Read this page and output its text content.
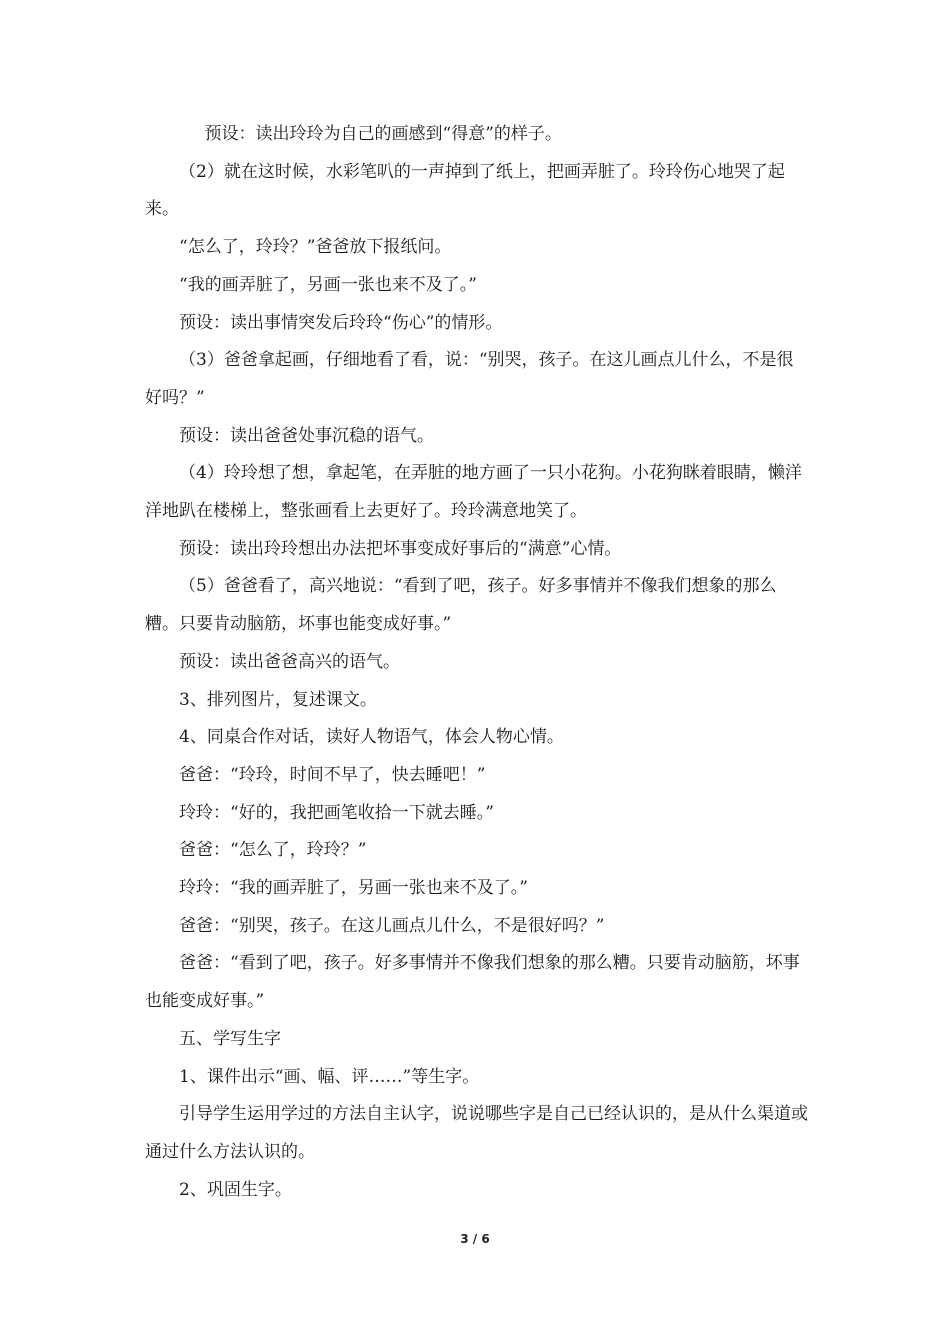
预设：读出玲玲为自己的画感到“得意”的样子。

（2）就在这时候，水彩笔叭的一声掉到了纸上，把画弄脏了。玲玲伤心地哭了起来。

“怎么了，玲玲？”爸爸放下报纸问。

“我的画弄脏了，另画一张也来不及了。”

预设：读出事情突发后玲玲“伤心”的情形。

（3）爸爸拿起画，仔细地看了看，说：“别哭，孩子。在这儿画点儿什么，不是很好吗？”

预设：读出爸爸处事沉稳的语气。

（4）玲玲想了想，拿起笔，在弄脏的地方画了一只小花狗。小花狗眯着眼睛，懒洋洋地趴在楼梯上，整张画看上去更好了。玲玲满意地笑了。

预设：读出玲玲想出办法把坏事变成好事后的“满意”心情。

（5）爸爸看了，高兴地说：“看到了吧，孩子。好多事情并不像我们想象的那么糟。只要肯动脑筋，坏事也能变成好事。”

预设：读出爸爸高兴的语气。

3、排列图片，复述课文。

4、同桌合作对话，读好人物语气，体会人物心情。

爸爸：“玲玲，时间不早了，快去睡吧！”

玲玲：“好的，我把画笔收拾一下就去睡。”

爸爸：“怎么了，玲玲？”

玲玲：“我的画弄脏了，另画一张也来不及了。”

爸爸：“别哭，孩子。在这儿画点儿什么，不是很好吗？”

爸爸：“看到了吧，孩子。好多事情并不像我们想象的那么糟。只要肯动脑筋，坏事也能变成好事。”

五、学写生字

1、课件出示“画、幅、评……”等生字。

引导学生运用学过的方法自主认字，说说哪些字是自己已经认识的，是从什么渠道或通过什么方法认识的。

2、巩固生字。

3 / 6
